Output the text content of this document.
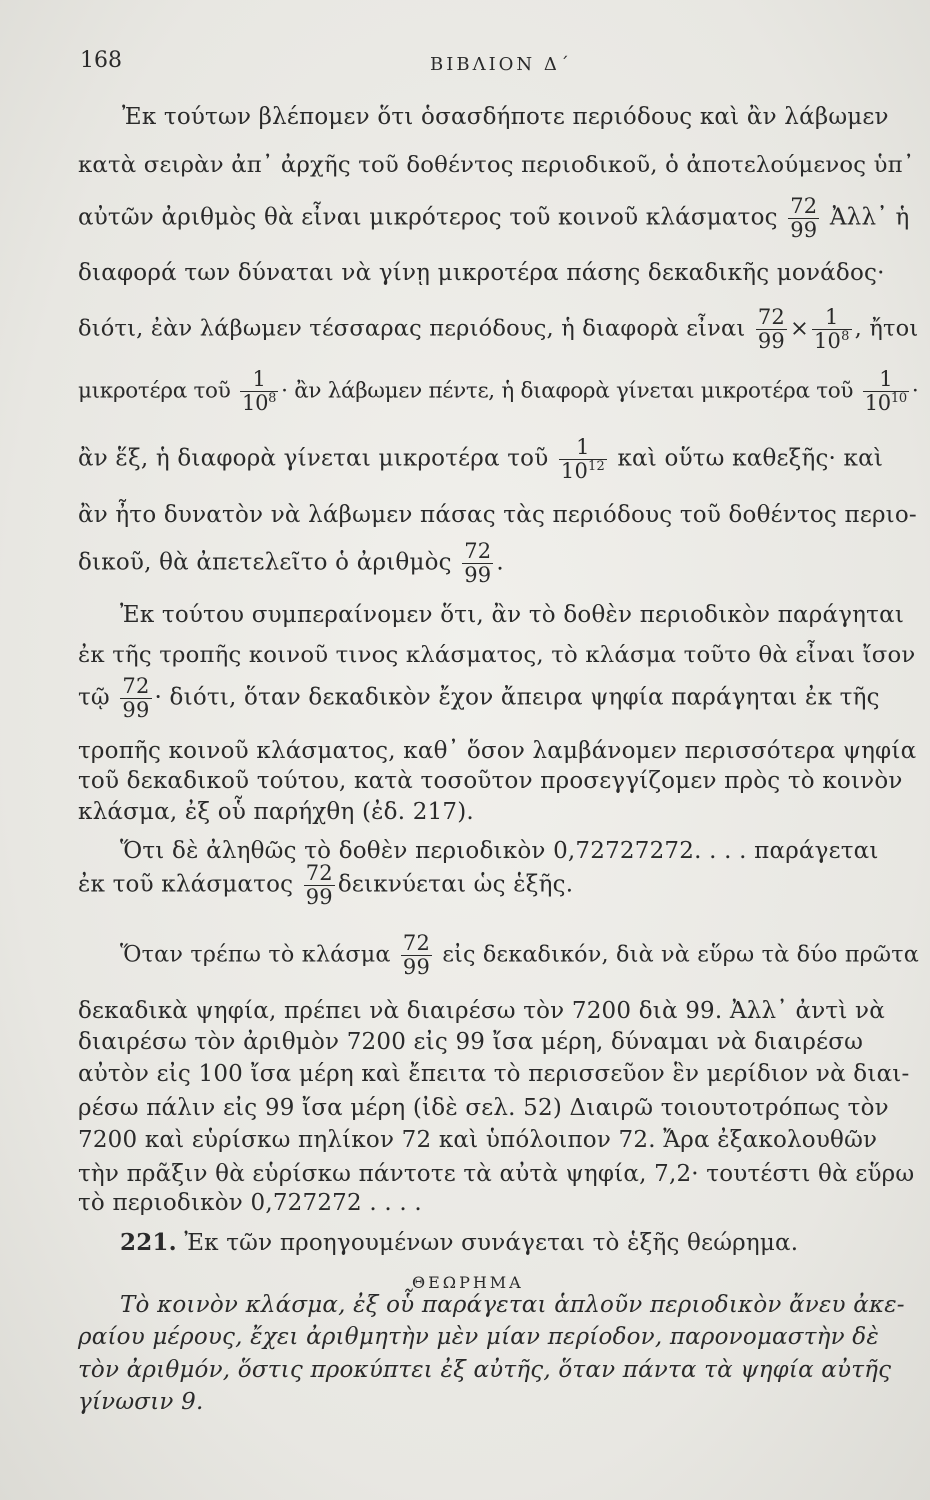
168	ΒΙΒΛΙΟΝ Δ΄
Ἐκ τούτων βλέπομεν ὅτι ὁσασδήποτε περιόδους καὶ ἂν λάβωμεν
κατὰ σειρὰν ἀπ᾽ ἀρχῆς τοῦ δοθέντος περιοδικοῦ, ὁ ἀποτελούμενος ὑπ᾽
αὐτῶν ἀριθμὸς θὰ εἶναι μικρότερος τοῦ κοινοῦ κλάσματος $\frac{72}{99}$ Ἀλλ᾽ ἡ
διαφορά των δύναται νὰ γίνῃ μικροτέρα πάσης δεκαδικῆς μονάδος·
διότι, ἐὰν λάβωμεν τέσσαρας περιόδους, ἡ διαφορὰ εἶναι $\frac{72}{99} \times \frac{1}{10^8}$ , ἤτοι
μικροτέρα τοῦ $\frac{1}{10^8}$ · ἂν λάβωμεν πέντε, ἡ διαφορὰ γίνεται μικροτέρα τοῦ $\frac{1}{10^{10}}$ ·
ἂν ἕξ, ἡ διαφορὰ γίνεται μικροτέρα τοῦ $\frac{1}{10^{12}}$ καὶ οὕτω καθεξῆς· καὶ
ἂν ἦτο δυνατὸν νὰ λάβωμεν πάσας τὰς περιόδους τοῦ δοθέντος περιο-
δικοῦ, θὰ ἀπετελεῖτο ὁ ἀριθμὸς $\frac{72}{99}$ .
Ἐκ τούτου συμπεραίνομεν ὅτι, ἂν τὸ δοθὲν περιοδικὸν παράγηται
ἐκ τῆς τροπῆς κοινοῦ τινος κλάσματος, τὸ κλάσμα τοῦτο θὰ εἶναι ἴσον
τῷ $\frac{72}{99} \cdot \delta\iota ό\tau\iota$, ὅταν δεκαδικὸν ἔχον ἄπειρα ψηφία παράγηται ἐκ τῆς
τροπῆς κοινοῦ κλάσματος, καθ᾽ ὅσον λαμβάνομεν περισσότερα ψηφία
τοῦ δεκαδικοῦ τούτου, κατὰ τοσοῦτον προσεγγίζομεν πρὸς τὸ κοινὸν
κλάσμα, ἐξ οὗ παρήχθη (ἐδ. 217).
Ὅτι δὲ ἀληθῶς τὸ δοθὲν περιοδικὸν 0,72727272. . . . παράγεται
ἐκ τοῦ κλάσματος $\frac{72}{99}$ δεικνύεται ὡς ἑξῆς.
Ὅταν τρέπω τὸ κλάσμα $\frac{72}{99}$ εἰς δεκαδικόν, διὰ νὰ εὕρω τὰ δύο πρῶτα
δεκαδικὰ ψηφία, πρέπει νὰ διαιρέσω τὸν 7200 διὰ 99. Ἀλλ᾽ ἀντὶ νὰ
διαιρέσω τὸν ἀριθμὸν 7200 εἰς 99 ἴσα μέρη, δύναμαι νὰ διαιρέσω
αὐτὸν εἰς 100 ἴσα μέρη καὶ ἔπειτα τὸ περισσεῦον ἓν μερίδιον νὰ διαι-
ρέσω πάλιν εἰς 99 ἴσα μέρη (ἰδὲ σελ. 52) Διαιρῶ τοιουτοτρόπως τὸν
7200 καὶ εὑρίσκω πηλίκον 72 καὶ ὑπόλοιπον 72. Ἄρα ἐξακολουθῶν
τὴν πρᾶξιν θὰ εὑρίσκω πάντοτε τὰ αὐτὰ ψηφία, 7,2· τουτέστι θὰ εὕρω
τὸ περιοδικὸν 0,727272 . . . .
221. Ἐκ τῶν προηγουμένων συνάγεται τὸ ἑξῆς θεώρημα.
ΘΕΩΡΗΜΑ
Τὸ κοινὸν κλάσμα, ἐξ οὗ παράγεται ἁπλοῦν περιοδικὸν ἄνευ ἀκε-
ραίου μέρους, ἔχει ἀριθμητὴν μὲν μίαν περίοδον, παρονομαστὴν δὲ
τὸν ἀριθμόν, ὅστις προκύπτει ἐξ αὐτῆς, ὅταν πάντα τὰ ψηφία αὐτῆς
γίνωσιν 9.
